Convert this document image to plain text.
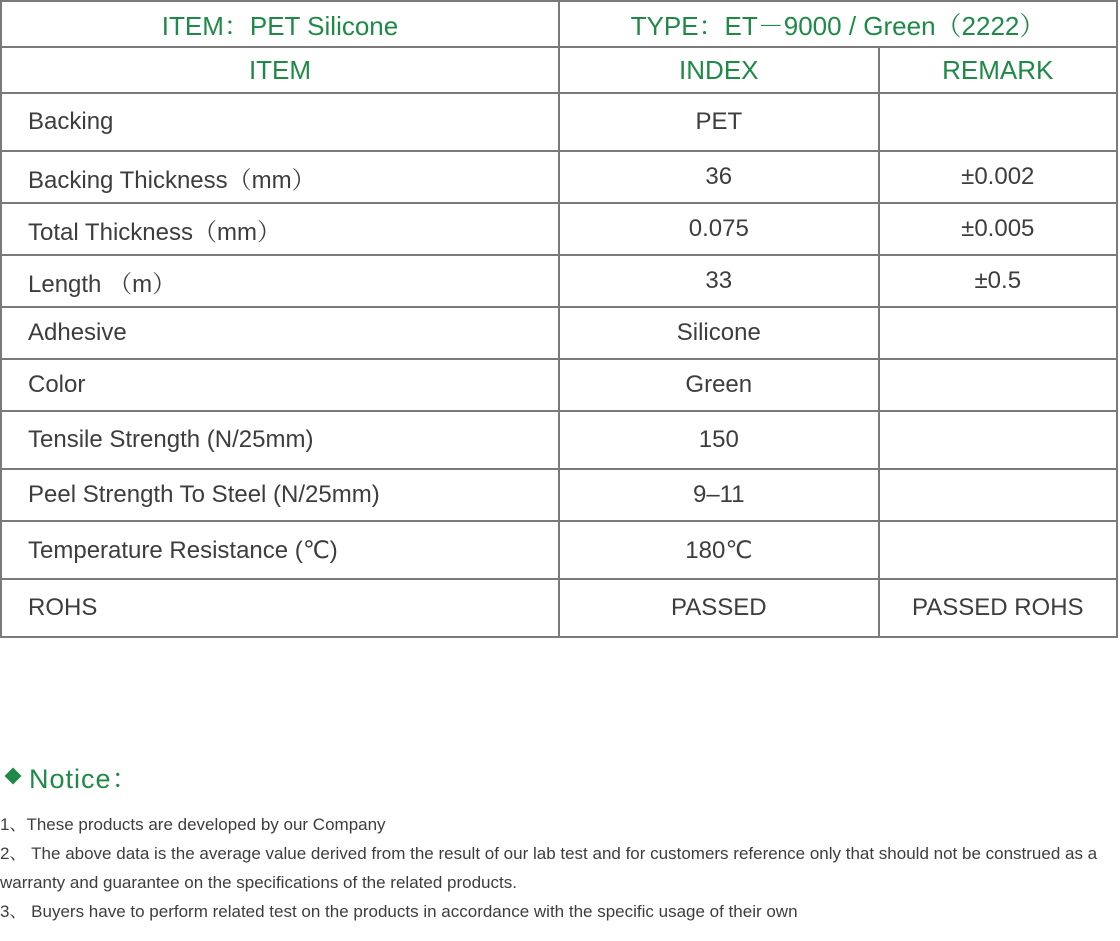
ITEM：PET Silicone	TYPE：ET－9000 / Green（2222）	
ITEM	INDEX	REMARK
Backing	PET	
Backing Thickness（mm）	36	±0.002
Total Thickness（mm）	0.075	±0.005
Length （m）	33	±0.5
Adhesive	Silicone	
Color	Green	
Tensile Strength (N/25mm)	150	
Peel Strength To Steel (N/25mm)	9–11	
Temperature Resistance (℃)	180℃	
ROHS	PASSED	PASSED ROHS
Notice：

1、These products are developed by our Company

2、 The above data is the average value derived from the result of our lab test and for customers reference only that should not be construed as a warranty and guarantee on the specifications of the related products.

3、 Buyers have to perform related test on the products in accordance with the specific usage of their own
